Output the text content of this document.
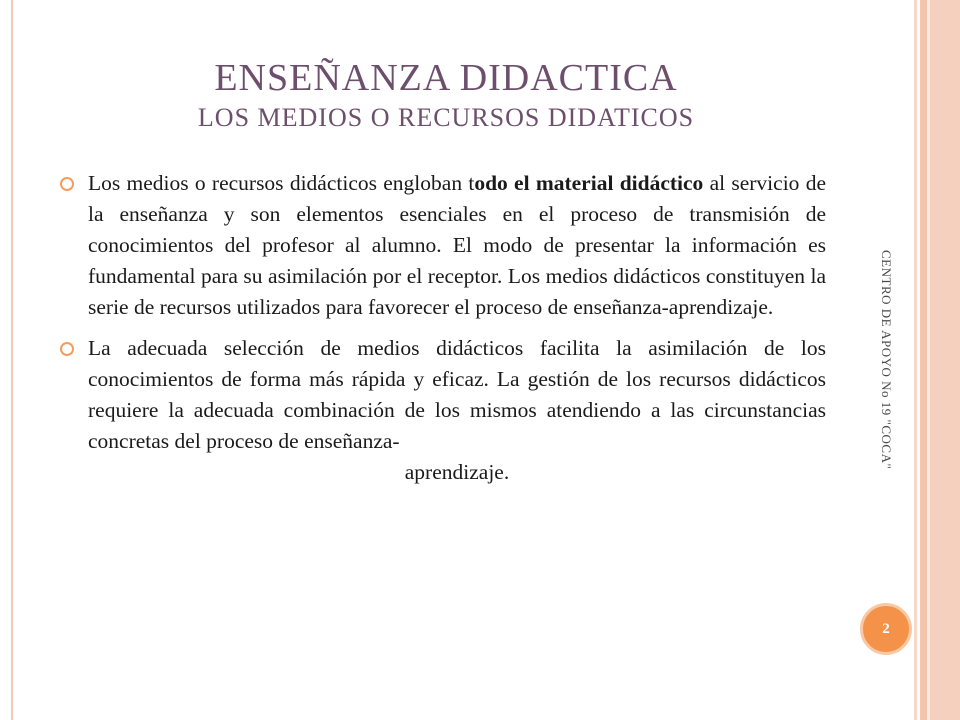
ENSEÑANZA DIDACTICA
LOS MEDIOS O RECURSOS DIDATICOS
Los medios o recursos didácticos engloban todo el material didáctico al servicio de la enseñanza y son elementos esenciales en el proceso de transmisión de conocimientos del profesor al alumno. El modo de presentar la información es fundamental para su asimilación por el receptor. Los medios didácticos constituyen la serie de recursos utilizados para favorecer el proceso de enseñanza-aprendizaje.
La adecuada selección de medios didácticos facilita la asimilación de los conocimientos de forma más rápida y eficaz. La gestión de los recursos didácticos requiere la adecuada combinación de los mismos atendiendo a las circunstancias concretas del proceso de enseñanza-
aprendizaje.
CENTRO DE APOYO No 19 "COCA"
2
